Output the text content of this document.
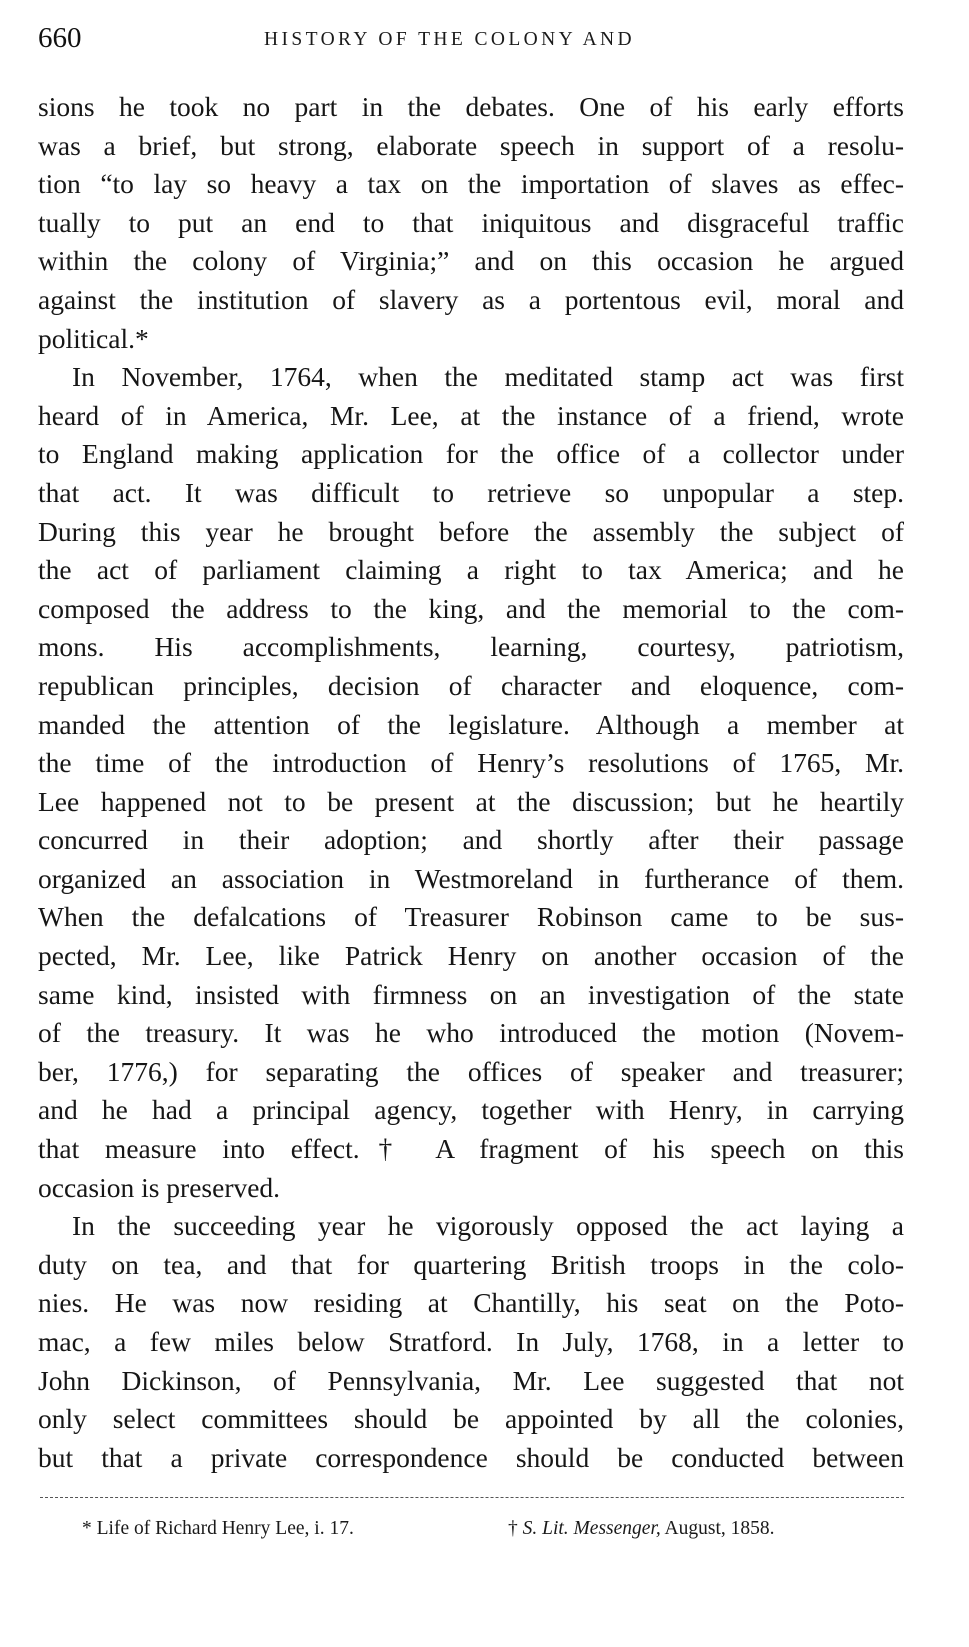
660	HISTORY OF THE COLONY AND
sions he took no part in the debates. One of his early efforts
was a brief, but strong, elaborate speech in support of a resolu-
tion “to lay so heavy a tax on the importation of slaves as effec-
tually to put an end to that iniquitous and disgraceful traffic
within the colony of Virginia;” and on this occasion he argued
against the institution of slavery as a portentous evil, moral and
political.*
In November, 1764, when the meditated stamp act was first
heard of in America, Mr. Lee, at the instance of a friend, wrote
to England making application for the office of a collector under
that act. It was difficult to retrieve so unpopular a step.
During this year he brought before the assembly the subject of
the act of parliament claiming a right to tax America; and he
composed the address to the king, and the memorial to the com-
mons. His accomplishments, learning, courtesy, patriotism,
republican principles, decision of character and eloquence, com-
manded the attention of the legislature. Although a member at
the time of the introduction of Henry’s resolutions of 1765, Mr.
Lee happened not to be present at the discussion; but he heartily
concurred in their adoption; and shortly after their passage
organized an association in Westmoreland in furtherance of them.
When the defalcations of Treasurer Robinson came to be sus-
pected, Mr. Lee, like Patrick Henry on another occasion of the
same kind, insisted with firmness on an investigation of the state
of the treasury. It was he who introduced the motion (Novem-
ber, 1776,) for separating the offices of speaker and treasurer;
and he had a principal agency, together with Henry, in carrying
that measure into effect.† A fragment of his speech on this
occasion is preserved.
In the succeeding year he vigorously opposed the act laying a
duty on tea, and that for quartering British troops in the colo-
nies. He was now residing at Chantilly, his seat on the Poto-
mac, a few miles below Stratford. In July, 1768, in a letter to
John Dickinson, of Pennsylvania, Mr. Lee suggested that not
only select committees should be appointed by all the colonies,
but that a private correspondence should be conducted between
* Life of Richard Henry Lee, i. 17.	† S. Lit. Messenger, August, 1858.
